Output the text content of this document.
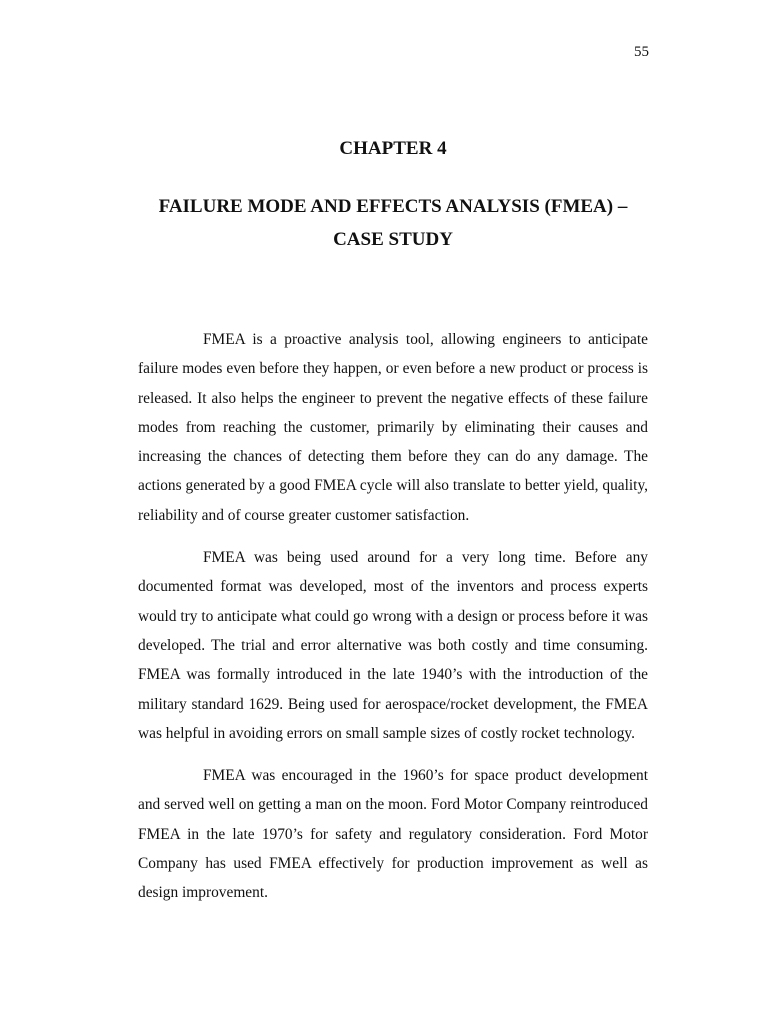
55
CHAPTER 4
FAILURE MODE AND EFFECTS ANALYSIS (FMEA) –
CASE STUDY

FMEA is a proactive analysis tool, allowing engineers to anticipate failure modes even before they happen, or even before a new product or process is released. It also helps the engineer to prevent the negative effects of these failure modes from reaching the customer, primarily by eliminating their causes and increasing the chances of detecting them before they can do any damage. The actions generated by a good FMEA cycle will also translate to better yield, quality, reliability and of course greater customer satisfaction.

FMEA was being used around for a very long time. Before any documented format was developed, most of the inventors and process experts would try to anticipate what could go wrong with a design or process before it was developed. The trial and error alternative was both costly and time consuming. FMEA was formally introduced in the late 1940’s with the introduction of the military standard 1629. Being used for aerospace/rocket development, the FMEA was helpful in avoiding errors on small sample sizes of costly rocket technology.

FMEA was encouraged in the 1960’s for space product development and served well on getting a man on the moon. Ford Motor Company reintroduced FMEA in the late 1970’s for safety and regulatory consideration. Ford Motor Company has used FMEA effectively for production improvement as well as design improvement.
